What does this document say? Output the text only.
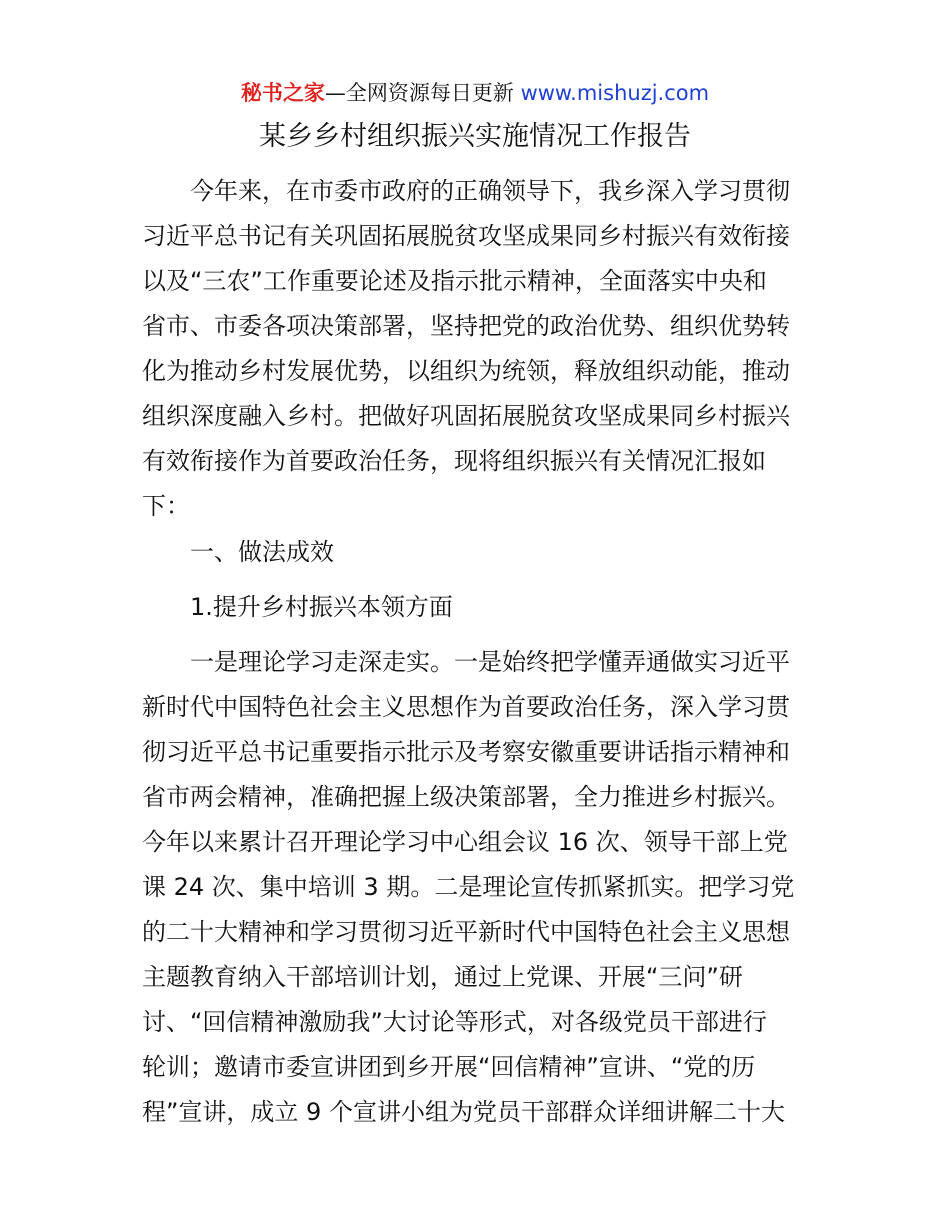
秘书之家—全网资源每日更新 www.mishuzj.com
某乡乡村组织振兴实施情况工作报告

今年来，在市委市政府的正确领导下，我乡深入学习贯彻

习近平总书记有关巩固拓展脱贫攻坚成果同乡村振兴有效衔接

以及“三农”工作重要论述及指示批示精神，全面落实中央和

省市、市委各项决策部署，坚持把党的政治优势、组织优势转

化为推动乡村发展优势，以组织为统领，释放组织动能，推动

组织深度融入乡村。把做好巩固拓展脱贫攻坚成果同乡村振兴

有效衔接作为首要政治任务，现将组织振兴有关情况汇报如

下：

一、做法成效

1.提升乡村振兴本领方面

一是理论学习走深走实。一是始终把学懂弄通做实习近平

新时代中国特色社会主义思想作为首要政治任务，深入学习贯

彻习近平总书记重要指示批示及考察安徽重要讲话指示精神和

省市两会精神，准确把握上级决策部署，全力推进乡村振兴。

今年以来累计召开理论学习中心组会议 16 次、领导干部上党

课 24 次、集中培训 3 期。二是理论宣传抓紧抓实。把学习党

的二十大精神和学习贯彻习近平新时代中国特色社会主义思想

主题教育纳入干部培训计划，通过上党课、开展“三问”研

讨、“回信精神激励我”大讨论等形式，对各级党员干部进行

轮训；邀请市委宣讲团到乡开展“回信精神”宣讲、“党的历

程”宣讲，成立 9 个宣讲小组为党员干部群众详细讲解二十大
